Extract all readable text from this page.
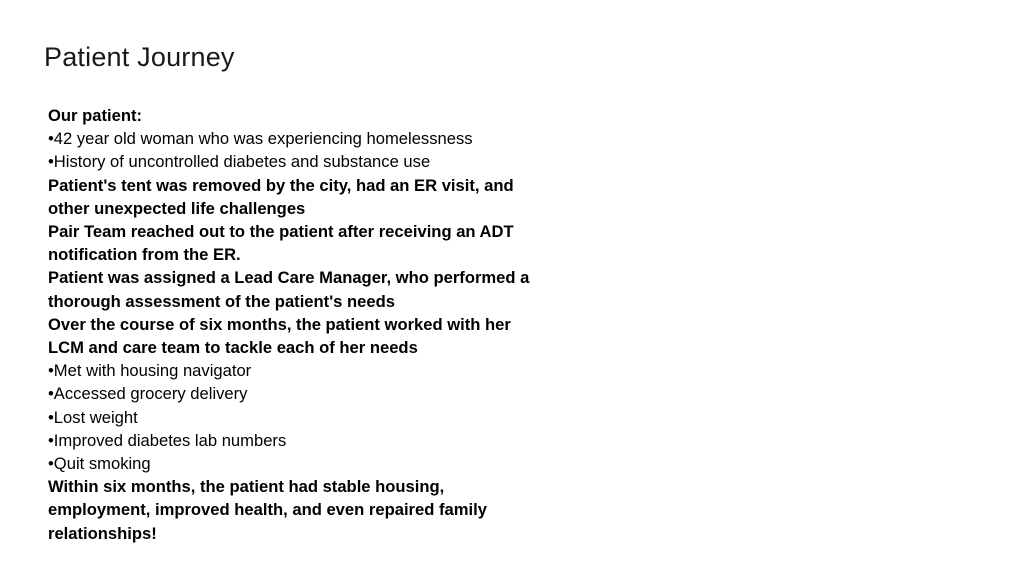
Patient Journey
Our patient:
•42 year old woman who was experiencing homelessness
•History of uncontrolled diabetes and substance use
Patient's tent was removed by the city, had an ER visit, and
other unexpected life challenges
Pair Team reached out to the patient after receiving an ADT
notification from the ER.
Patient was assigned a Lead Care Manager, who performed a
thorough assessment of the patient's needs
Over the course of six months, the patient worked with her
LCM and care team to tackle each of her needs
•Met with housing navigator
•Accessed grocery delivery
•Lost weight
•Improved diabetes lab numbers
•Quit smoking
Within six months, the patient had stable housing,
employment, improved health, and even repaired family
relationships!
